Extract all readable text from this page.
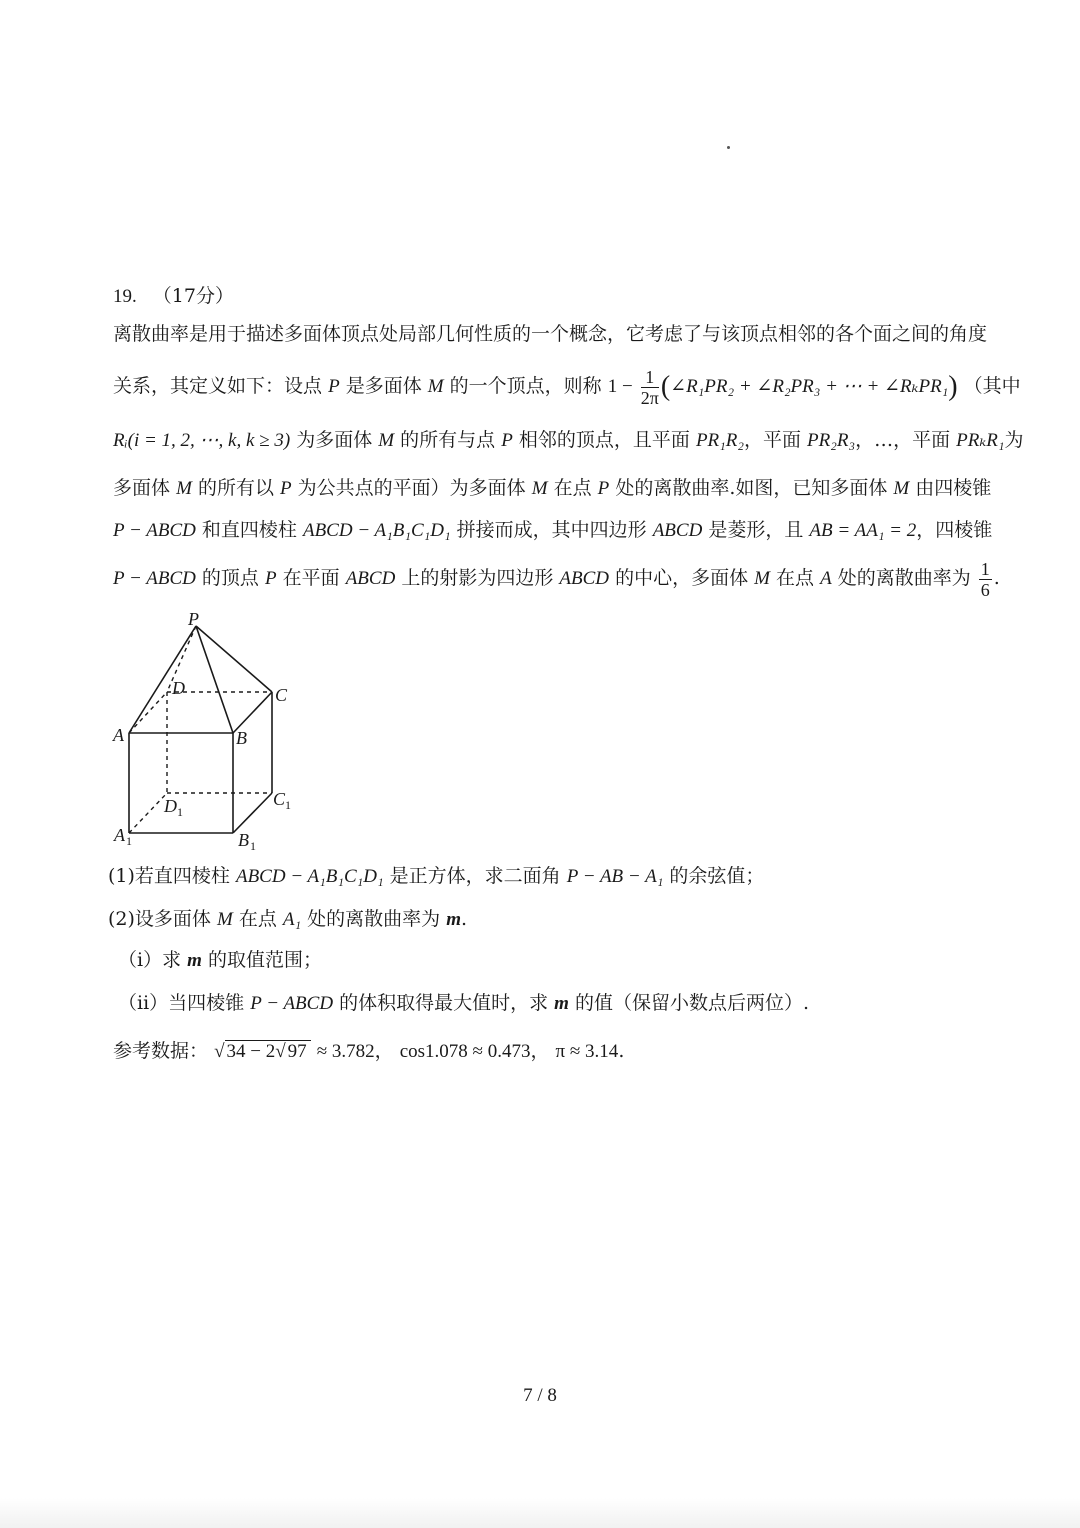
19. （17分）
离散曲率是用于描述多面体顶点处局部几何性质的一个概念，它考虑了与该顶点相邻的各个面之间的角度
关系，其定义如下：设点 P 是多面体 M 的一个顶点，则称 $1 - \frac{1}{2\pi}$ (∠R₁PR₂ + ∠R₂PR₃ + ⋯ + ∠RₖPR₁) （其中
Rᵢ(i = 1, 2, ⋯, k, k ≥ 3) 为多面体 M 的所有与点 P 相邻的顶点，且平面 PR₁R₂，平面 PR₂R₃，…，平面 PRₖR₁为
多面体 M 的所有以 P 为公共点的平面）为多面体 M 在点 P 处的离散曲率.如图，已知多面体 M 由四棱锥
P − ABCD 和直四棱柱 ABCD − A₁B₁C₁D₁ 拼接而成，其中四边形 ABCD 是菱形，且 AB = AA₁ = 2，四棱锥
P − ABCD 的顶点 P 在平面 ABCD 上的射影为四边形 ABCD 的中心，多面体 M 在点 A 处的离散曲率为 $\frac{1}{6}$ .
P
D	C
A	B
D 1
C 1
A 1	B 1
(1)若直四棱柱 ABCD − A₁B₁C₁D₁ 是正方体，求二面角 P − AB − A₁ 的余弦值；
(2)设多面体 M 在点 A₁ 处的离散曲率为 m.
（ⅰ）求 m 的取值范围；
（ⅱ）当四棱锥 P − ABCD 的体积取得最大值时，求 m 的值（保留小数点后两位）.
参考数据： √ 34 − 2√ 97 ≈ 3.782， cos1.078 ≈ 0.473， π ≈ 3.14.
7 / 8
